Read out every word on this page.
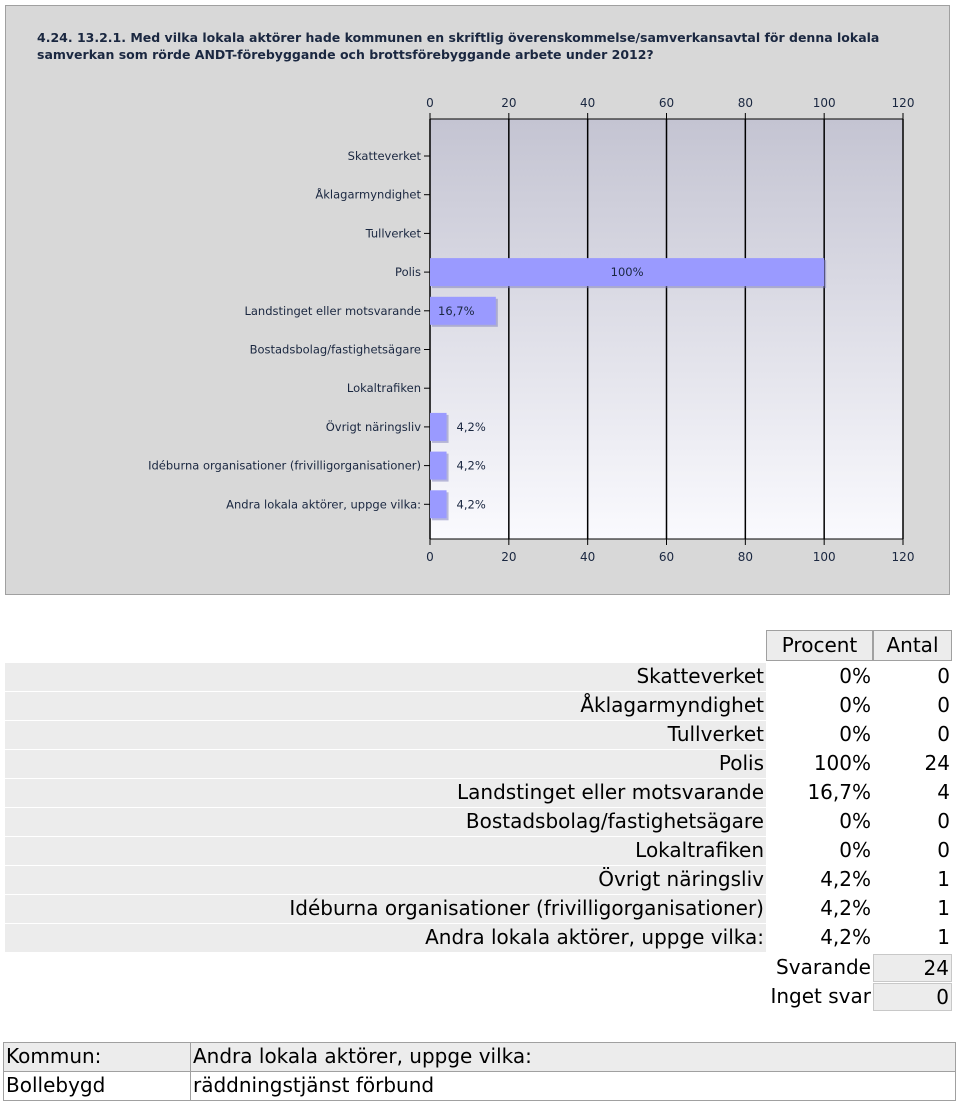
4.24. 13.2.1. Med vilka lokala aktörer hade kommunen en skriftlig överenskommelse/samverkansavtal för denna lokala samverkan som rörde ANDT-förebyggande och brottsförebyggande arbete under 2012?

0
0
20
20
40
40
60
60
80
80
100
100
120
120
Skatteverket
Åklagarmyndighet
Tullverket
Polis	100%
Landstinget eller motsvarande 16,7%
Bostadsbolag/fastighetsägare
Lokaltrafiken
Övrigt näringsliv	4,2%
Idéburna organisationer (frivilligorganisationer)	4,2%
Andra lokala aktörer, uppge vilka:	4,2%
Procent	Antal
Skatteverket	0%	0
Åklagarmyndighet	0%	0
Tullverket	0%	0
Polis	100%	24
Landstinget eller motsvarande	16,7%	4
Bostadsbolag/fastighetsägare	0%	0
Lokaltrafiken	0%	0
Övrigt näringsliv	4,2%	1
Idéburna organisationer (frivilligorganisationer)	4,2%	1
Andra lokala aktörer, uppge vilka:	4,2%	1
Svarande	24
Inget svar	0
Kommun:	Andra lokala aktörer, uppge vilka:
Bollebygd	räddningstjänst förbund
